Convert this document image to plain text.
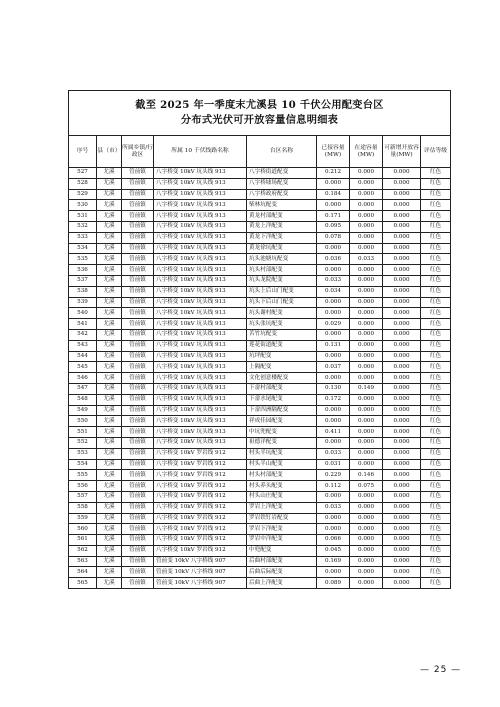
截至 2025 年一季度末尤溪县 10 千伏公用配变台区
分布式光伏可开放容量信息明细表								

序号	县（市）	所属乡镇/行政区	所属 10 千伏线路名称	台区名称	已接容量(MW)	在途容量(MW)	可新增开放容量(MW)	评估等级
527	尤溪	管前镇	八字桥变 10kV 坑头线 913	八字桥街道配变	0.212	0.000	0.000	红色
528	尤溪	管前镇	八字桥变 10kV 坑头线 913	八字桥墟场配变	0.000	0.000	0.000	红色
529	尤溪	管前镇	八字桥变 10kV 坑头线 913	八字桥政府配变	0.184	0.000	0.000	红色
530	尤溪	管前镇	八字桥变 10kV 坑头线 913	柴林坑配变	0.000	0.000	0.000	红色
531	尤溪	管前镇	八字桥变 10kV 坑头线 913	黄龙村部配变	0.171	0.000	0.000	红色
532	尤溪	管前镇	八字桥变 10kV 坑头线 913	黄龙上洋配变	0.095	0.000	0.000	红色
533	尤溪	管前镇	八字桥变 10kV 坑头线 913	黄龙下洋配变	0.078	0.000	0.000	红色
534	尤溪	管前镇	八字桥变 10kV 坑头线 913	黄龙徐坑配变	0.000	0.000	0.000	红色
535	尤溪	管前镇	八字桥变 10kV 坑头线 913	坑头池塘坑配变	0.036	0.033	0.000	红色
536	尤溪	管前镇	八字桥变 10kV 坑头线 913	坑头村部配变	0.000	0.000	0.000	红色
537	尤溪	管前镇	八字桥变 10kV 坑头线 913	坑头龙院配变	0.033	0.000	0.000	红色
538	尤溪	管前镇	八字桥变 10kV 坑头线 913	坑头上后山门配变	0.034	0.000	0.000	红色
539	尤溪	管前镇	八字桥变 10kV 坑头线 913	坑头下后山门配变	0.000	0.000	0.000	红色
540	尤溪	管前镇	八字桥变 10kV 坑头线 913	坑头谢村配变	0.000	0.000	0.000	红色
541	尤溪	管前镇	八字桥变 10kV 坑头线 913	坑头张坑配变	0.029	0.000	0.000	红色
542	尤溪	管前镇	八字桥变 10kV 坑头线 913	苦竹坑配变	0.000	0.000	0.000	红色
543	尤溪	管前镇	八字桥变 10kV 坑头线 913	莲花街道配变	0.131	0.000	0.000	红色
544	尤溪	管前镇	八字桥变 10kV 坑头线 913	坑坪配变	0.000	0.000	0.000	红色
545	尤溪	管前镇	八字桥变 10kV 坑头线 913	上隔配变	0.037	0.000	0.000	红色
546	尤溪	管前镇	八字桥变 10kV 坑头线 913	文化创意楼配变	0.000	0.000	0.000	红色
547	尤溪	管前镇	八字桥变 10kV 坑头线 913	下畲村部配变	0.130	0.149	0.000	红色
548	尤溪	管前镇	八字桥变 10kV 坑头线 913	下畲水尾配变	0.172	0.000	0.000	红色
549	尤溪	管前镇	八字桥变 10kV 坑头线 913	下畲四洲隔配变	0.000	0.000	0.000	红色
550	尤溪	管前镇	八字桥变 10kV 坑头线 913	祥成佳园配变	0.000	0.000	0.000	红色
551	尤溪	管前镇	八字桥变 10kV 坑头线 913	中坑兜配变	0.411	0.000	0.000	红色
552	尤溪	管前镇	八字桥变 10kV 坑头线 913	祖德洋配变	0.000	0.000	0.000	红色
553	尤溪	管前镇	八字桥变 10kV 罗岩线 912	村头半坑配变	0.033	0.000	0.000	红色
554	尤溪	管前镇	八字桥变 10kV 罗岩线 912	村头半山配变	0.031	0.000	0.000	红色
555	尤溪	管前镇	八字桥变 10kV 罗岩线 912	村头村部配变	0.229	0.146	0.000	红色
556	尤溪	管前镇	八字桥变 10kV 罗岩线 912	村头养头配变	0.112	0.075	0.000	红色
557	尤溪	管前镇	八字桥变 10kV 罗岩线 912	村头山庄配变	0.000	0.000	0.000	红色
558	尤溪	管前镇	八字桥变 10kV 罗岩线 912	罗岩上洋配变	0.033	0.000	0.000	红色
559	尤溪	管前镇	八字桥变 10kV 罗岩线 912	罗岩铁钉岩配变	0.000	0.000	0.000	红色
560	尤溪	管前镇	八字桥变 10kV 罗岩线 912	罗岩下洋配变	0.000	0.000	0.000	红色
561	尤溪	管前镇	八字桥变 10kV 罗岩线 912	罗岩中洋配变	0.066	0.000	0.000	红色
562	尤溪	管前镇	八字桥变 10kV 罗岩线 912	中兜配变	0.045	0.000	0.000	红色
563	尤溪	管前镇	管前变 10kV 八字桥线 907	后曲村部配变	0.169	0.000	0.000	红色
564	尤溪	管前镇	管前变 10kV 八字桥线 907	后曲后际配变	0.000	0.000	0.000	红色
565	尤溪	管前镇	管前变 10kV 八字桥线 907	后曲上洋配变	0.089	0.000	0.000	红色
— 25 —
